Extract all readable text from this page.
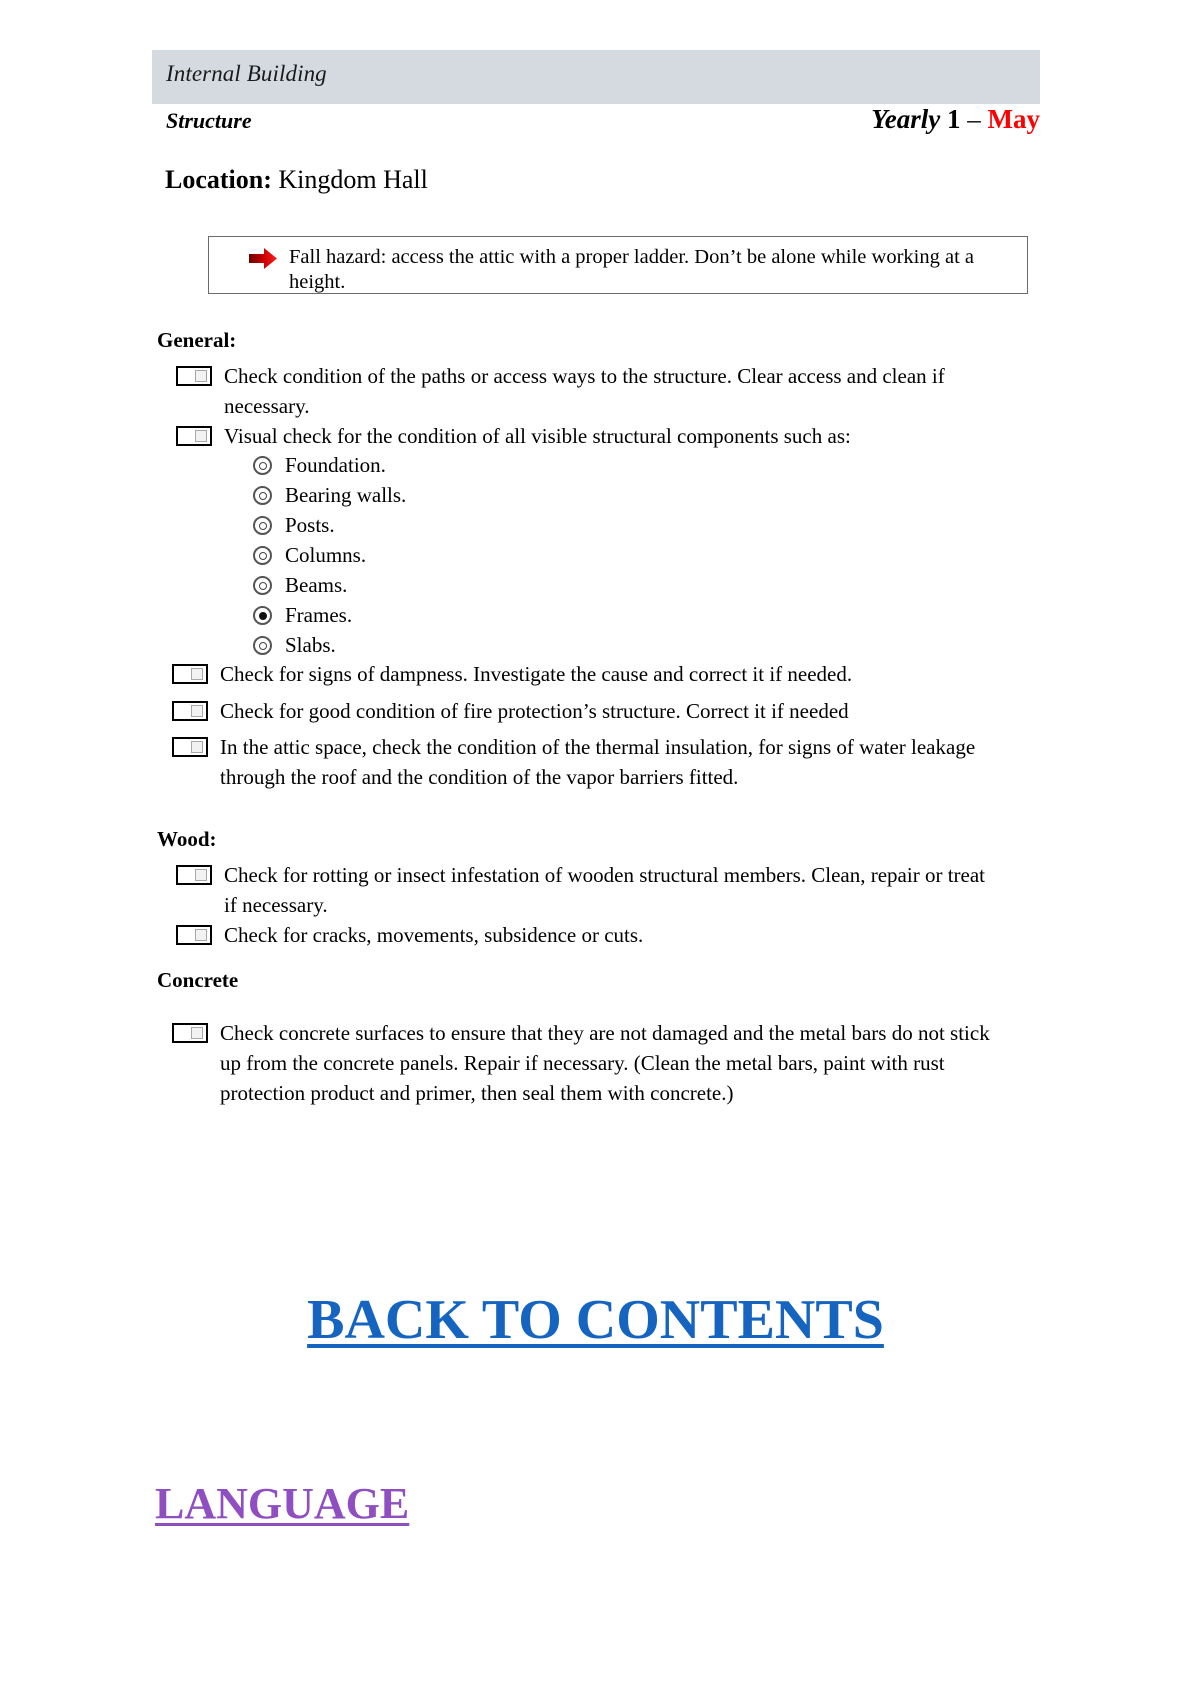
Internal Building
Structure	Yearly 1 – May
Location: Kingdom Hall
Fall hazard: access the attic with a proper ladder. Don’t be alone while working at a height.
General:
Check condition of the paths or access ways to the structure. Clear access and clean if necessary.
Visual check for the condition of all visible structural components such as:
Foundation.
Bearing walls.
Posts.
Columns.
Beams.
Frames.
Slabs.
Check for signs of dampness. Investigate the cause and correct it if needed.
Check for good condition of fire protection’s structure. Correct it if needed
In the attic space, check the condition of the thermal insulation, for signs of water leakage through the roof and the condition of the vapor barriers fitted.
Wood:
Check for rotting or insect infestation of wooden structural members. Clean, repair or treat if necessary.
Check for cracks, movements, subsidence or cuts.
Concrete
Check concrete surfaces to ensure that they are not damaged and the metal bars do not stick up from the concrete panels. Repair if necessary. (Clean the metal bars, paint with rust protection product and primer, then seal them with concrete.)
BACK TO CONTENTS
LANGUAGE
